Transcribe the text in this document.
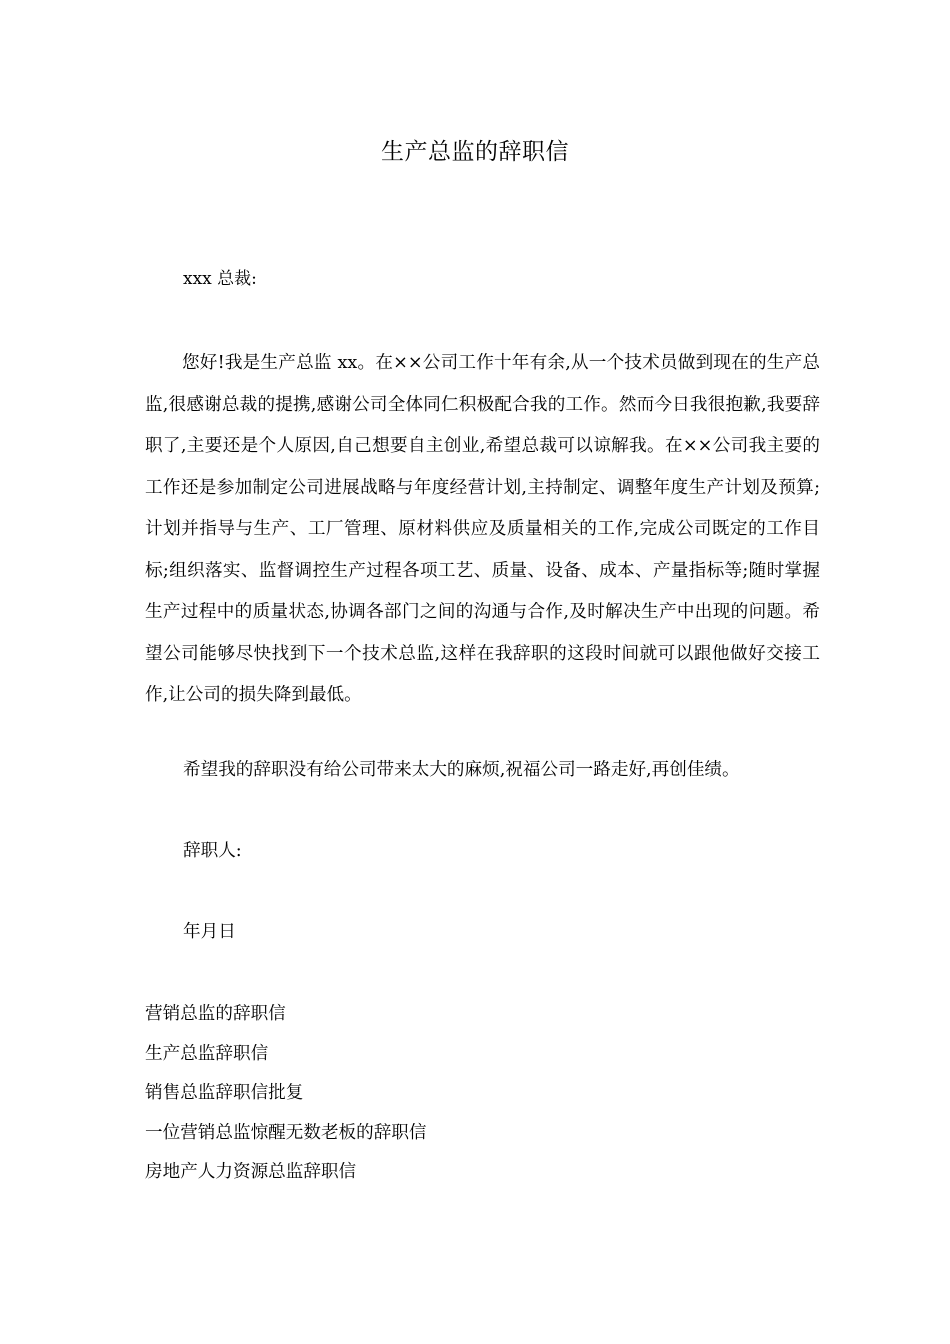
生产总监的辞职信
xxx 总裁:
您好!我是生产总监 xx。在××公司工作十年有余,从一个技术员做到现在的生产总监,很感谢总裁的提携,感谢公司全体同仁积极配合我的工作。然而今日我很抱歉,我要辞职了,主要还是个人原因,自己想要自主创业,希望总裁可以谅解我。在××公司我主要的工作还是参加制定公司进展战略与年度经营计划,主持制定、调整年度生产计划及预算;计划并指导与生产、工厂管理、原材料供应及质量相关的工作,完成公司既定的工作目标;组织落实、监督调控生产过程各项工艺、质量、设备、成本、产量指标等;随时掌握生产过程中的质量状态,协调各部门之间的沟通与合作,及时解决生产中出现的问题。希望公司能够尽快找到下一个技术总监,这样在我辞职的这段时间就可以跟他做好交接工作,让公司的损失降到最低。
希望我的辞职没有给公司带来太大的麻烦,祝福公司一路走好,再创佳绩。
辞职人:
年月日
营销总监的辞职信
生产总监辞职信
销售总监辞职信批复
一位营销总监惊醒无数老板的辞职信
房地产人力资源总监辞职信
